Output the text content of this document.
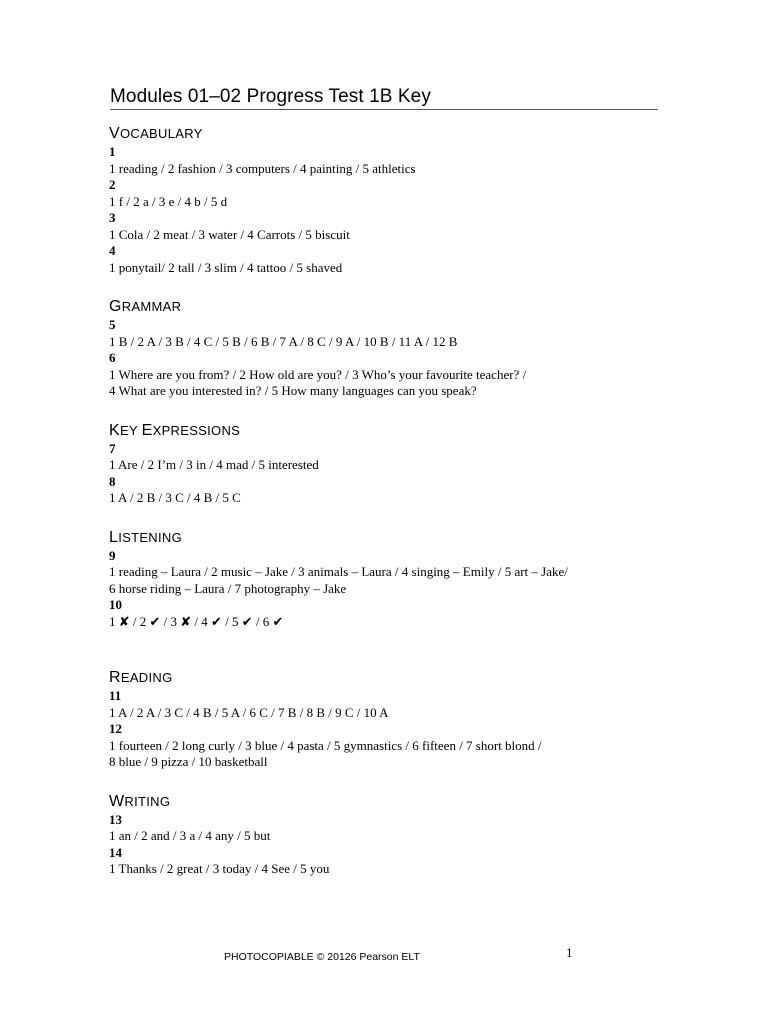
Modules 01–02 Progress Test 1B Key
VOCABULARY
1
1 reading / 2 fashion / 3 computers / 4 painting / 5 athletics
2
1 f / 2 a / 3 e / 4 b / 5 d
3
1 Cola / 2 meat / 3 water / 4 Carrots / 5 biscuit
4
1 ponytail/ 2 tall / 3 slim / 4 tattoo / 5 shaved
GRAMMAR
5
1 B / 2 A / 3 B / 4 C / 5 B / 6 B / 7 A / 8 C / 9 A / 10 B / 11 A / 12 B
6
1 Where are you from? / 2 How old are you? / 3 Who’s your favourite teacher? /
4 What are you interested in? / 5 How many languages can you speak?
KEY EXPRESSIONS
7
1 Are / 2 I’m / 3 in / 4 mad / 5 interested
8
1 A / 2 B / 3 C / 4 B / 5 C
LISTENING
9
1 reading – Laura / 2 music – Jake / 3 animals – Laura / 4 singing – Emily / 5 art – Jake/
6 horse riding – Laura / 7 photography – Jake
10
1 ✘ / 2 ✔ / 3 ✘ / 4 ✔ / 5 ✔ / 6 ✔
READING
11
1 A / 2 A / 3 C / 4 B / 5 A / 6 C / 7 B / 8 B / 9 C / 10 A
12
1 fourteen / 2 long curly / 3 blue / 4 pasta / 5 gymnastics / 6 fifteen / 7 short blond /
8 blue / 9 pizza / 10 basketball
WRITING
13
1 an / 2 and / 3 a / 4 any / 5 but
14
1 Thanks / 2 great / 3 today / 4 See / 5 you
PHOTOCOPIABLE © 20126 Pearson ELT	1
